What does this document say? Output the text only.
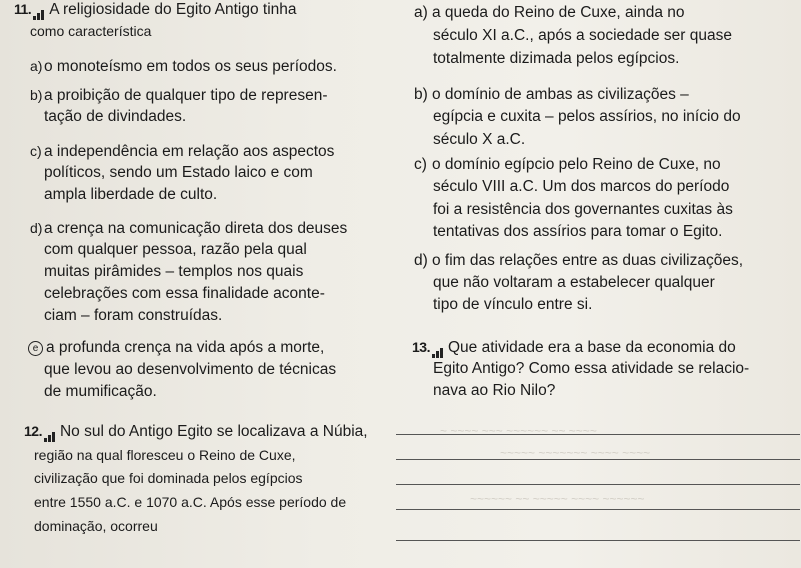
~ ~~~~ ~~~ ~~~~~~ ~~ ~~~~
~~~~~ ~~~~~~~ ~~~~ ~~~~
~~~~~~ ~~ ~~~~~ ~~~~ ~~~~~~
11. A religiosidade do Egito Antigo tinha
como característica
a)o monoteísmo em todos os seus períodos.
b)a proibição de qualquer tipo de represen-
tação de divindades.
c) a independência em relação aos aspectos
políticos, sendo um Estado laico e com
ampla liberdade de culto.
d)a crença na comunicação direta dos deuses
com qualquer pessoa, razão pela qual
muitas pirâmides – templos nos quais
celebrações com essa finalidade aconte-
ciam – foram construídas.
e a profunda crença na vida após a morte,
que levou ao desenvolvimento de técnicas
de mumificação.
12. No sul do Antigo Egito se localizava a Núbia,
região na qual floresceu o Reino de Cuxe,
civilização que foi dominada pelos egípcios
entre 1550 a.C. e 1070 a.C. Após esse período de
dominação, ocorreu
a) a queda do Reino de Cuxe, ainda no
século XI a.C., após a sociedade ser quase
totalmente dizimada pelos egípcios.
b) o domínio de ambas as civilizações –
egípcia e cuxita – pelos assírios, no início do
século X a.C.
c) o domínio egípcio pelo Reino de Cuxe, no
século VIII a.C. Um dos marcos do período
foi a resistência dos governantes cuxitas às
tentativas dos assírios para tomar o Egito.
d) o fim das relações entre as duas civilizações,
que não voltaram a estabelecer qualquer
tipo de vínculo entre si.
13. Que atividade era a base da economia do
Egito Antigo? Como essa atividade se relacio-
nava ao Rio Nilo?
